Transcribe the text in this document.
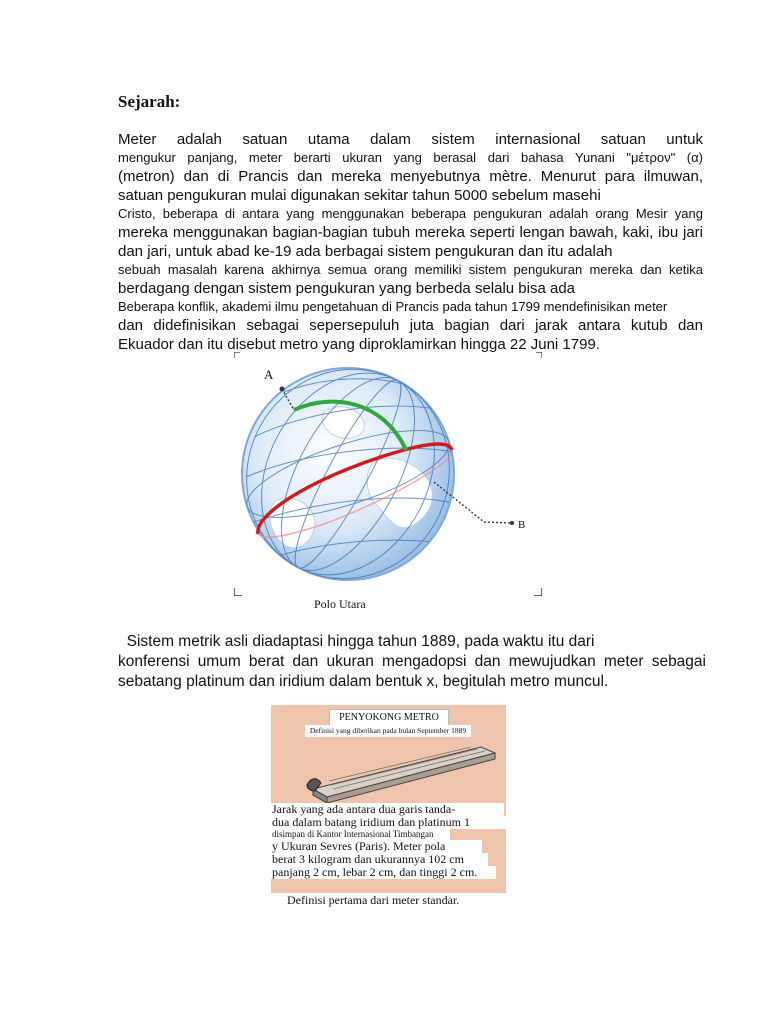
Sejarah:
Meter adalah satuan utama dalam sistem internasional satuan untuk
mengukur panjang, meter berarti ukuran yang berasal dari bahasa Yunani "μέτρον" (α)
(metron) dan di Prancis dan mereka menyebutnya mètre. Menurut para ilmuwan,
satuan pengukuran mulai digunakan sekitar tahun 5000 sebelum masehi
Cristo, beberapa di antara yang menggunakan beberapa pengukuran adalah orang Mesir yang
mereka menggunakan bagian-bagian tubuh mereka seperti lengan bawah, kaki, ibu jari
dan jari, untuk abad ke-19 ada berbagai sistem pengukuran dan itu adalah
sebuah masalah karena akhirnya semua orang memiliki sistem pengukuran mereka dan ketika
berdagang dengan sistem pengukuran yang berbeda selalu bisa ada
Beberapa konflik, akademi ilmu pengetahuan di Prancis pada tahun 1799 mendefinisikan meter
dan didefinisikan sebagai sepersepuluh juta bagian dari jarak antara kutub dan
Ekuador dan itu disebut metro yang diproklamirkan hingga 22 Juni 1799.
A
B
Polo Utara
Sistem metrik asli diadaptasi hingga tahun 1889, pada waktu itu dari
konferensi umum berat dan ukuran mengadopsi dan mewujudkan meter sebagai
sebatang platinum dan iridium dalam bentuk x, begitulah metro muncul.
PENYOKONG METRO
Definisi yang diberikan pada bulan September 1889
Jarak yang ada antara dua garis tanda-
dua dalam batang iridium dan platinum 1
disimpan di Kantor Internasional Timbangan
y Ukuran Sevres (Paris). Meter pola
berat 3 kilogram dan ukurannya 102 cm
panjang 2 cm, lebar 2 cm, dan tinggi 2 cm.
Definisi pertama dari meter standar.
